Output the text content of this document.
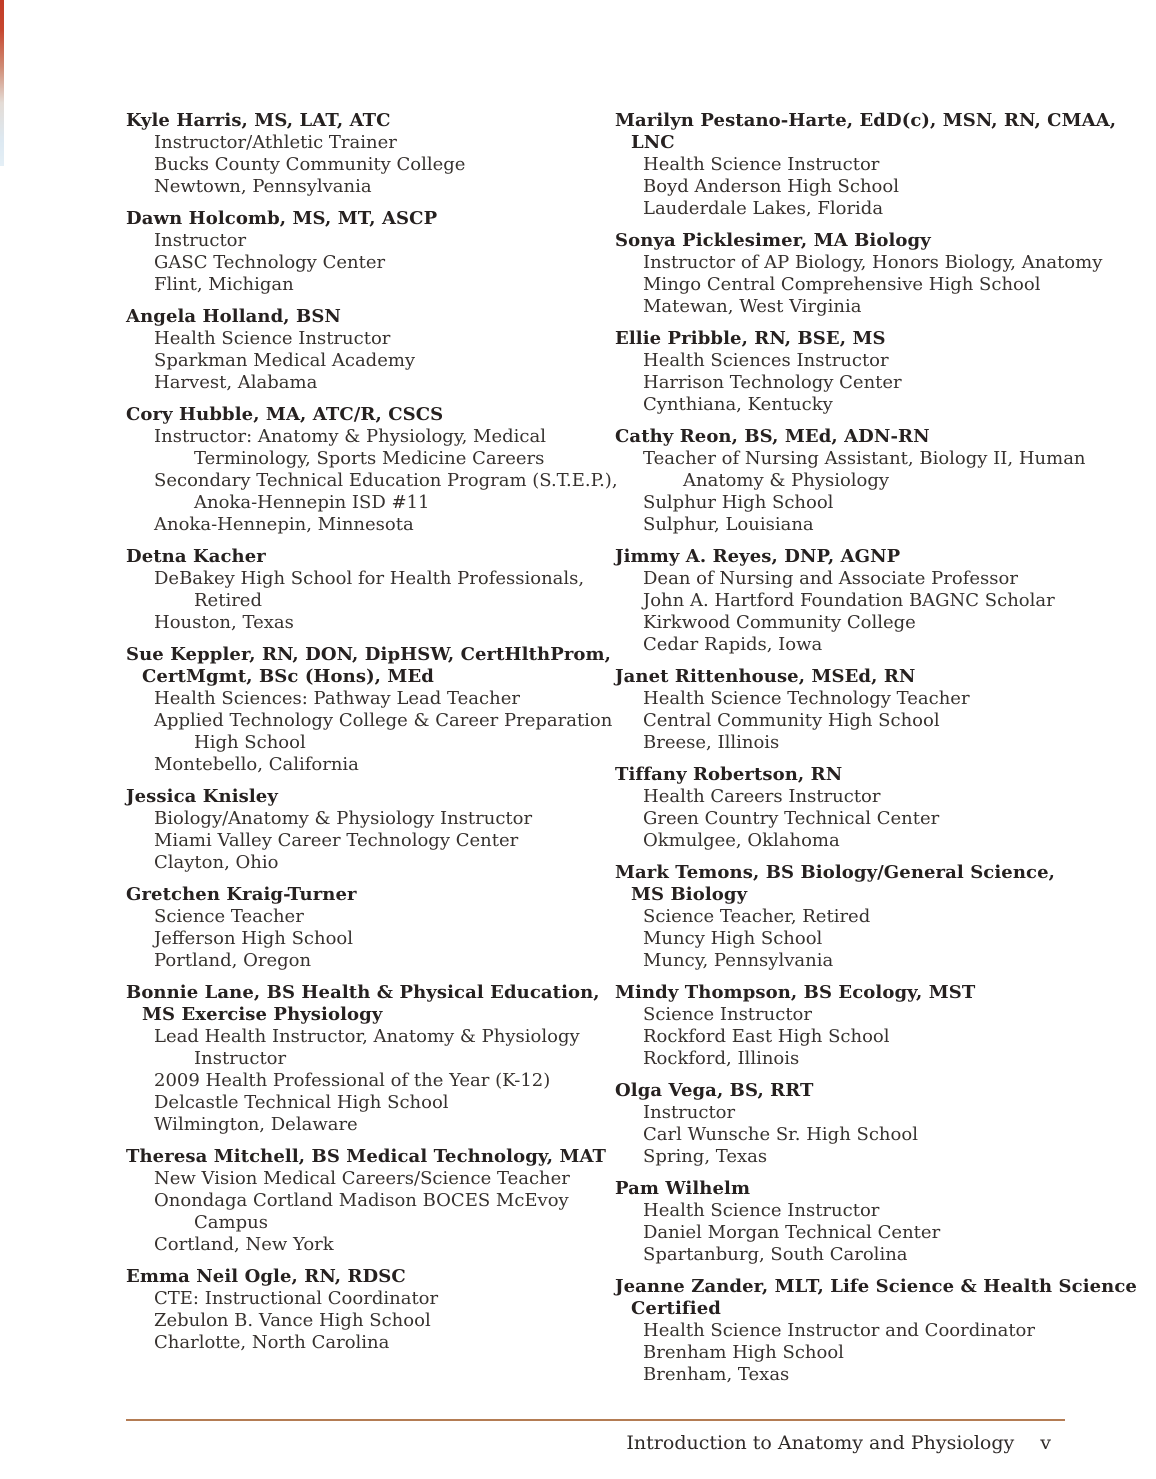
Kyle Harris, MS, LAT, ATC
Instructor/Athletic Trainer
Bucks County Community College
Newtown, Pennsylvania
Dawn Holcomb, MS, MT, ASCP
Instructor
GASC Technology Center
Flint, Michigan
Angela Holland, BSN
Health Science Instructor
Sparkman Medical Academy
Harvest, Alabama
Cory Hubble, MA, ATC/R, CSCS
Instructor: Anatomy & Physiology, Medical
Terminology, Sports Medicine Careers
Secondary Technical Education Program (S.T.E.P.),
Anoka-Hennepin ISD #11
Anoka-Hennepin, Minnesota
Detna Kacher
DeBakey High School for Health Professionals,
Retired
Houston, Texas
Sue Keppler, RN, DON, DipHSW, CertHlthProm,
CertMgmt, BSc (Hons), MEd
Health Sciences: Pathway Lead Teacher
Applied Technology College & Career Preparation
High School
Montebello, California
Jessica Knisley
Biology/Anatomy & Physiology Instructor
Miami Valley Career Technology Center
Clayton, Ohio
Gretchen Kraig-Turner
Science Teacher
Jefferson High School
Portland, Oregon
Bonnie Lane, BS Health & Physical Education,
MS Exercise Physiology
Lead Health Instructor, Anatomy & Physiology
Instructor
2009 Health Professional of the Year (K-12)
Delcastle Technical High School
Wilmington, Delaware
Theresa Mitchell, BS Medical Technology, MAT
New Vision Medical Careers/Science Teacher
Onondaga Cortland Madison BOCES McEvoy
Campus
Cortland, New York
Emma Neil Ogle, RN, RDSC
CTE: Instructional Coordinator
Zebulon B. Vance High School
Charlotte, North Carolina
Marilyn Pestano-Harte, EdD(c), MSN, RN, CMAA,
LNC
Health Science Instructor
Boyd Anderson High School
Lauderdale Lakes, Florida
Sonya Picklesimer, MA Biology
Instructor of AP Biology, Honors Biology, Anatomy
Mingo Central Comprehensive High School
Matewan, West Virginia
Ellie Pribble, RN, BSE, MS
Health Sciences Instructor
Harrison Technology Center
Cynthiana, Kentucky
Cathy Reon, BS, MEd, ADN-RN
Teacher of Nursing Assistant, Biology II, Human
Anatomy & Physiology
Sulphur High School
Sulphur, Louisiana
Jimmy A. Reyes, DNP, AGNP
Dean of Nursing and Associate Professor
John A. Hartford Foundation BAGNC Scholar
Kirkwood Community College
Cedar Rapids, Iowa
Janet Rittenhouse, MSEd, RN
Health Science Technology Teacher
Central Community High School
Breese, Illinois
Tiffany Robertson, RN
Health Careers Instructor
Green Country Technical Center
Okmulgee, Oklahoma
Mark Temons, BS Biology/General Science,
MS Biology
Science Teacher, Retired
Muncy High School
Muncy, Pennsylvania
Mindy Thompson, BS Ecology, MST
Science Instructor
Rockford East High School
Rockford, Illinois
Olga Vega, BS, RRT
Instructor
Carl Wunsche Sr. High School
Spring, Texas
Pam Wilhelm
Health Science Instructor
Daniel Morgan Technical Center
Spartanburg, South Carolina
Jeanne Zander, MLT, Life Science & Health Science
Certified
Health Science Instructor and Coordinator
Brenham High School
Brenham, Texas
Introduction to Anatomy and Physiology v
